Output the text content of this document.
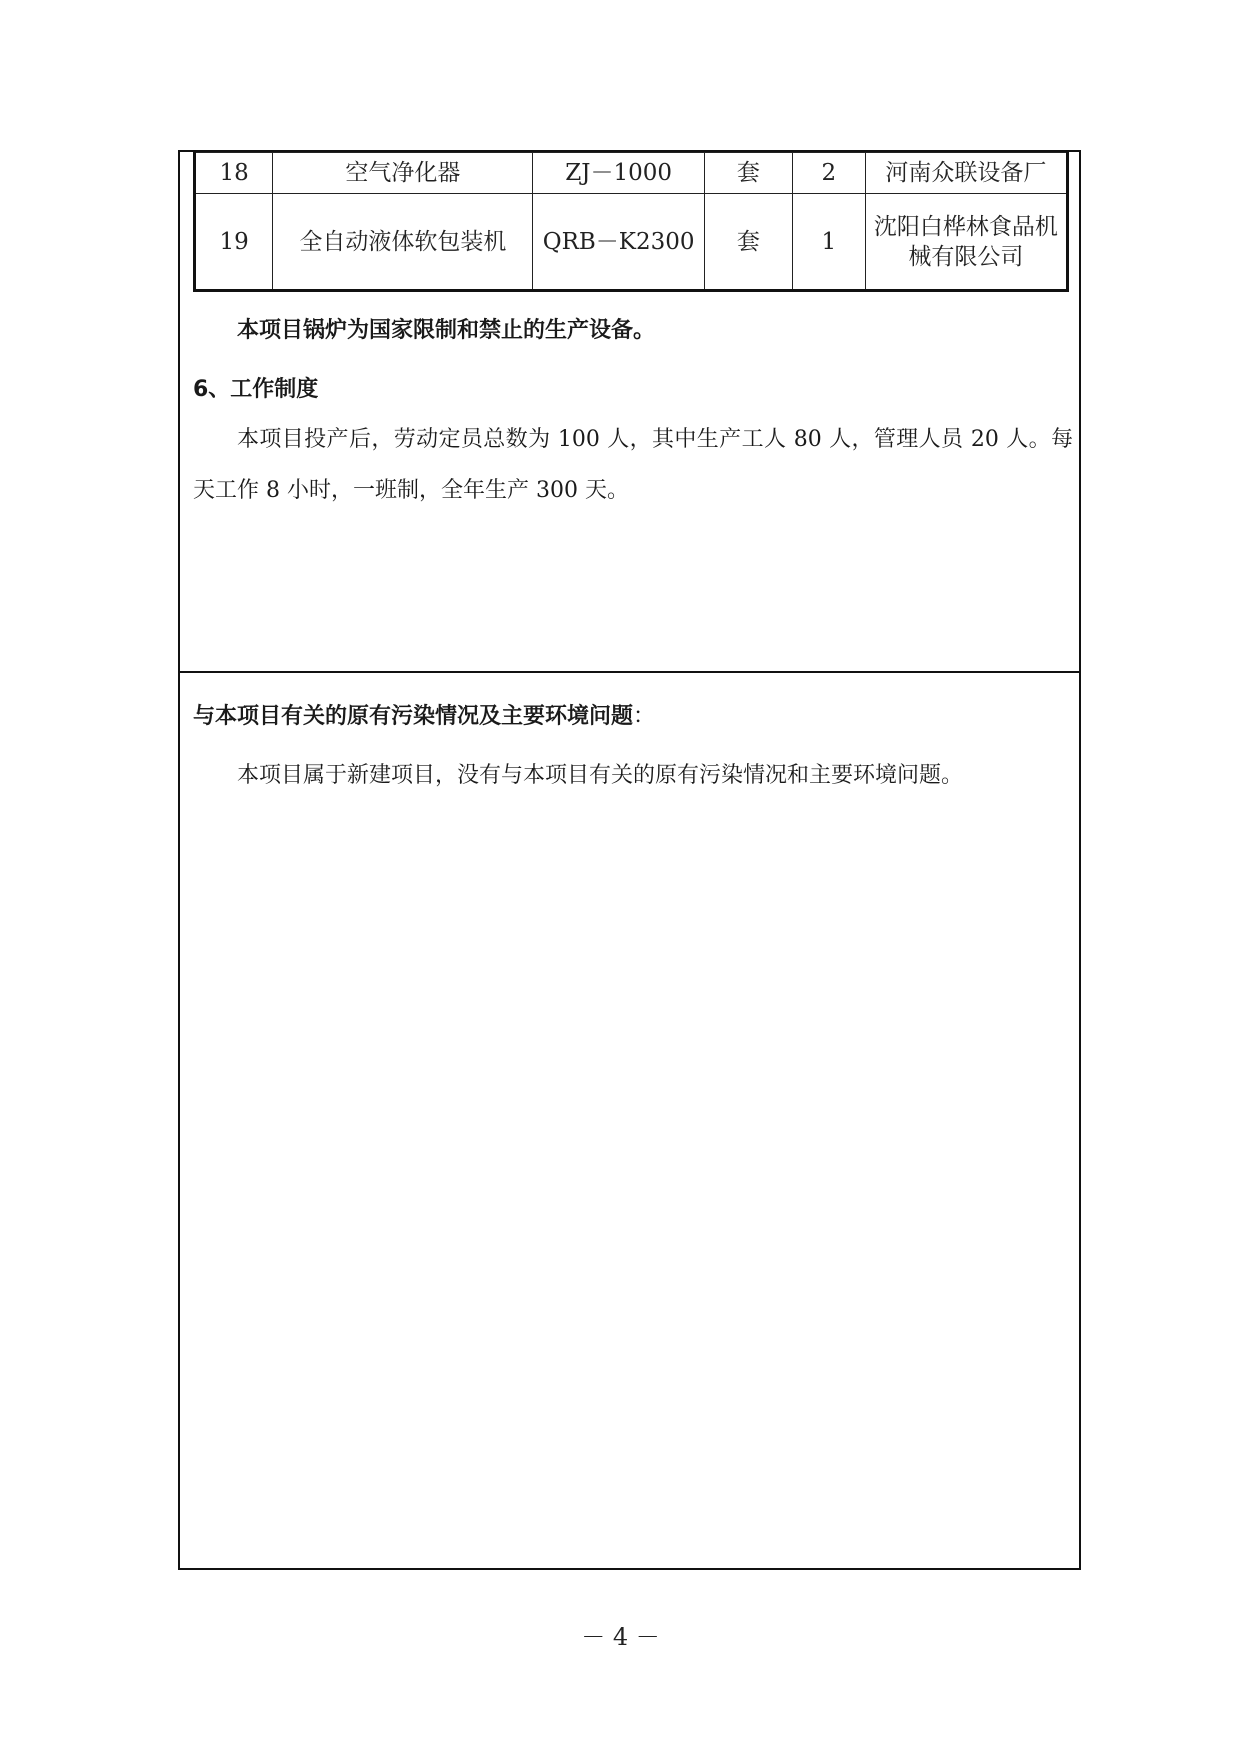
18	空气净化器	ZJ－1000	套	2	河南众联设备厂
19	全自动液体软包装机	QRB－K2300	套	1	沈阳白桦林食品机械有限公司
本项目锅炉为国家限制和禁止的生产设备。
6、工作制度
本项目投产后，劳动定员总数为 100 人，其中生产工人 80 人，管理人员 20 人。每天工作 8 小时，一班制，全年生产 300 天。
与本项目有关的原有污染情况及主要环境问题：
本项目属于新建项目，没有与本项目有关的原有污染情况和主要环境问题。
－ 4 －
